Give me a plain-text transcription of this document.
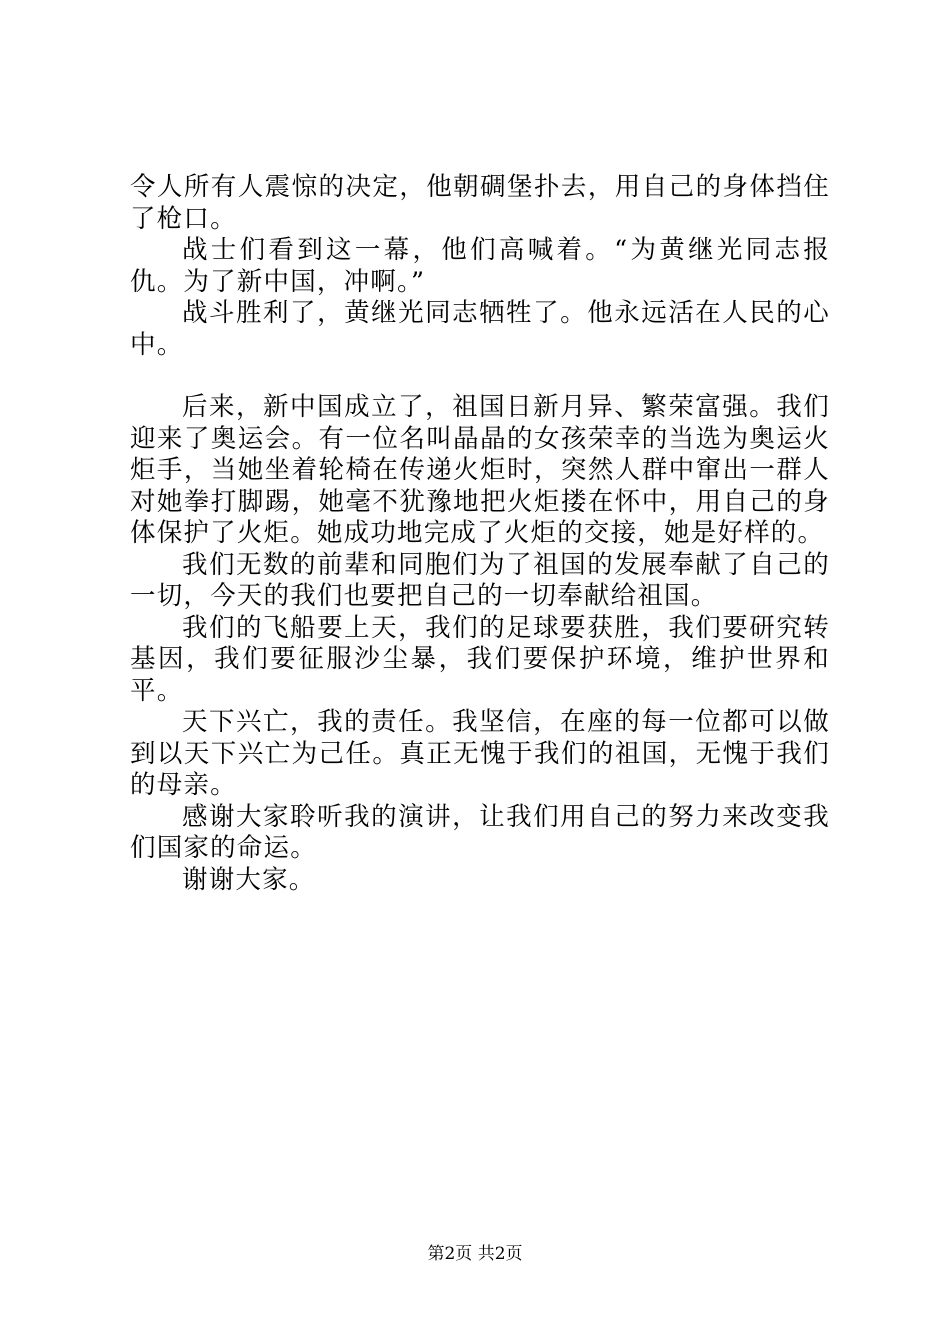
令人所有人震惊的决定，他朝碉堡扑去，用自己的身体挡住了枪口。

战士们看到这一幕，他们高喊着。“为黄继光同志报仇。为了新中国，冲啊。”

战斗胜利了，黄继光同志牺牲了。他永远活在人民的心中。

后来，新中国成立了，祖国日新月异、繁荣富强。我们迎来了奥运会。有一位名叫晶晶的女孩荣幸的当选为奥运火炬手，当她坐着轮椅在传递火炬时，突然人群中窜出一群人对她拳打脚踢，她毫不犹豫地把火炬搂在怀中，用自己的身体保护了火炬。她成功地完成了火炬的交接，她是好样的。

我们无数的前辈和同胞们为了祖国的发展奉献了自己的一切，今天的我们也要把自己的一切奉献给祖国。

我们的飞船要上天，我们的足球要获胜，我们要研究转基因，我们要征服沙尘暴，我们要保护环境，维护世界和平。

天下兴亡，我的责任。我坚信，在座的每一位都可以做到以天下兴亡为己任。真正无愧于我们的祖国，无愧于我们的母亲。

感谢大家聆听我的演讲，让我们用自己的努力来改变我们国家的命运。

谢谢大家。

第2页 共2页
